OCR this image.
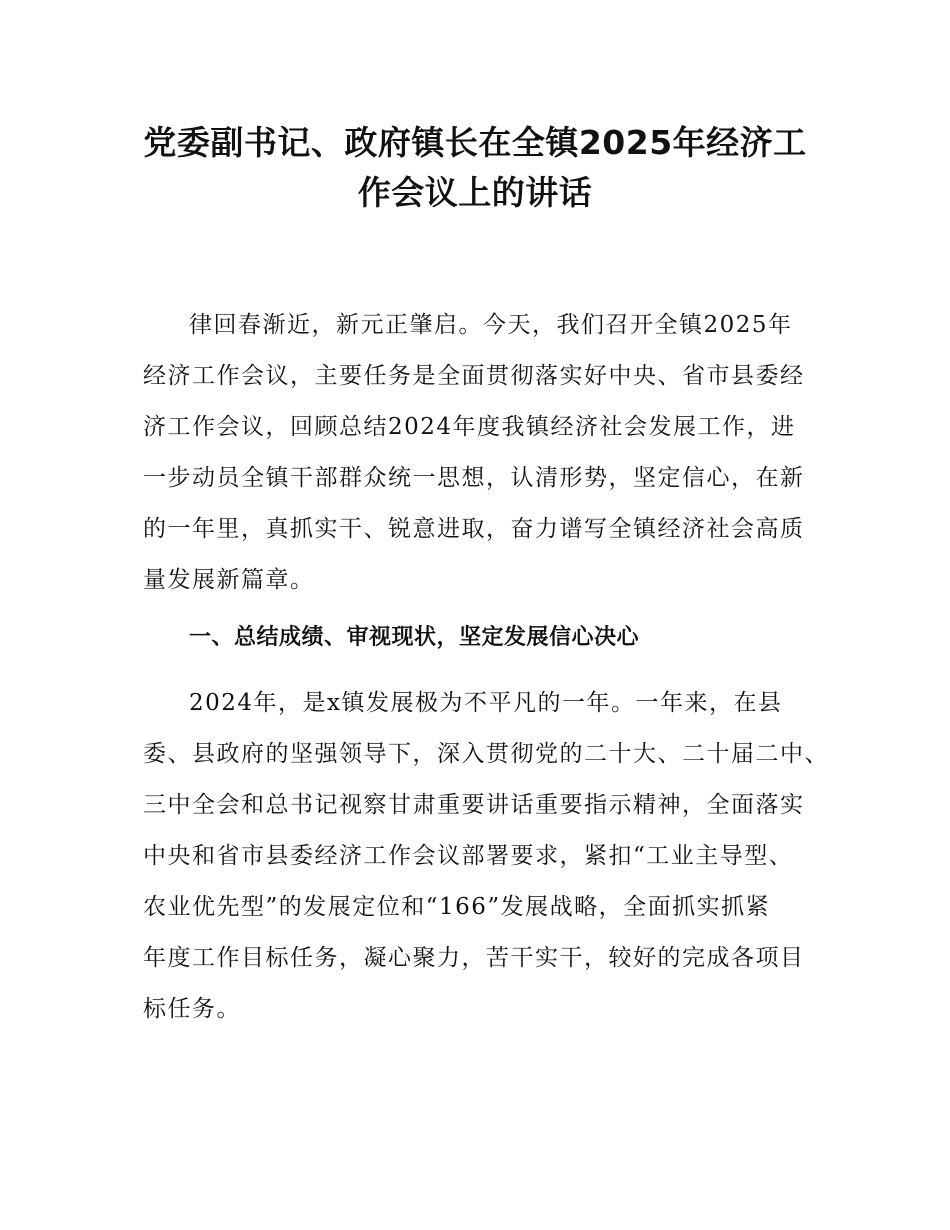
党委副书记、政府镇长在全镇2025年经济工
作会议上的讲话
律回春渐近，新元正肇启。今天，我们召开全镇2025年
经济工作会议，主要任务是全面贯彻落实好中央、省市县委经
济工作会议，回顾总结2024年度我镇经济社会发展工作，进
一步动员全镇干部群众统一思想，认清形势，坚定信心，在新
的一年里，真抓实干、锐意进取，奋力谱写全镇经济社会高质
量发展新篇章。
一、总结成绩、审视现状，坚定发展信心决心
2024年，是x镇发展极为不平凡的一年。一年来，在县
委、县政府的坚强领导下，深入贯彻党的二十大、二十届二中、
三中全会和总书记视察甘肃重要讲话重要指示精神，全面落实
中央和省市县委经济工作会议部署要求，紧扣“工业主导型、
农业优先型”的发展定位和“166”发展战略，全面抓实抓紧
年度工作目标任务，凝心聚力，苦干实干，较好的完成各项目
标任务。
